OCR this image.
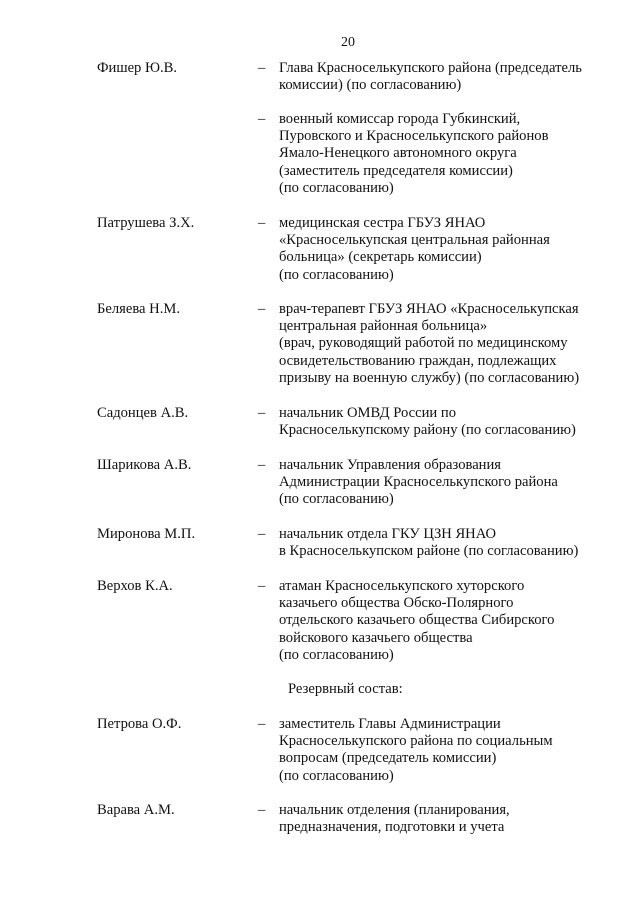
20
Фишер Ю.В.	– Глава Красноселькупского района (председатель
комиссии) (по согласованию)
– военный комиссар города Губкинский,
Пуровского и Красноселькупского районов
Ямало-Ненецкого автономного округа
(заместитель председателя комиссии)
(по согласованию)
Патрушева З.Х.	– медицинская сестра ГБУЗ ЯНАО
«Красноселькупская центральная районная
больница» (секретарь комиссии)
(по согласованию)
Беляева Н.М.	– врач-терапевт ГБУЗ ЯНАО «Красноселькупская
центральная районная больница»
(врач, руководящий работой по медицинскому
освидетельствованию граждан, подлежащих
призыву на военную службу) (по согласованию)
Садонцев А.В.	– начальник ОМВД России по
Красноселькупскому району (по согласованию)
Шарикова А.В.	– начальник Управления образования
Администрации Красноселькупского района
(по согласованию)
Миронова М.П.	– начальник отдела ГКУ ЦЗН ЯНАО
в Красноселькупском районе (по согласованию)
Верхов К.А.	– атаман Красноселькупского хуторского
казачьего общества Обско-Полярного
отдельского казачьего общества Сибирского
войскового казачьего общества
(по согласованию)
Резервный состав:
Петрова О.Ф.	– заместитель Главы Администрации
Красноселькупского района по социальным
вопросам (председатель комиссии)
(по согласованию)
Варава А.М.	– начальник отделения (планирования,
предназначения, подготовки и учета
